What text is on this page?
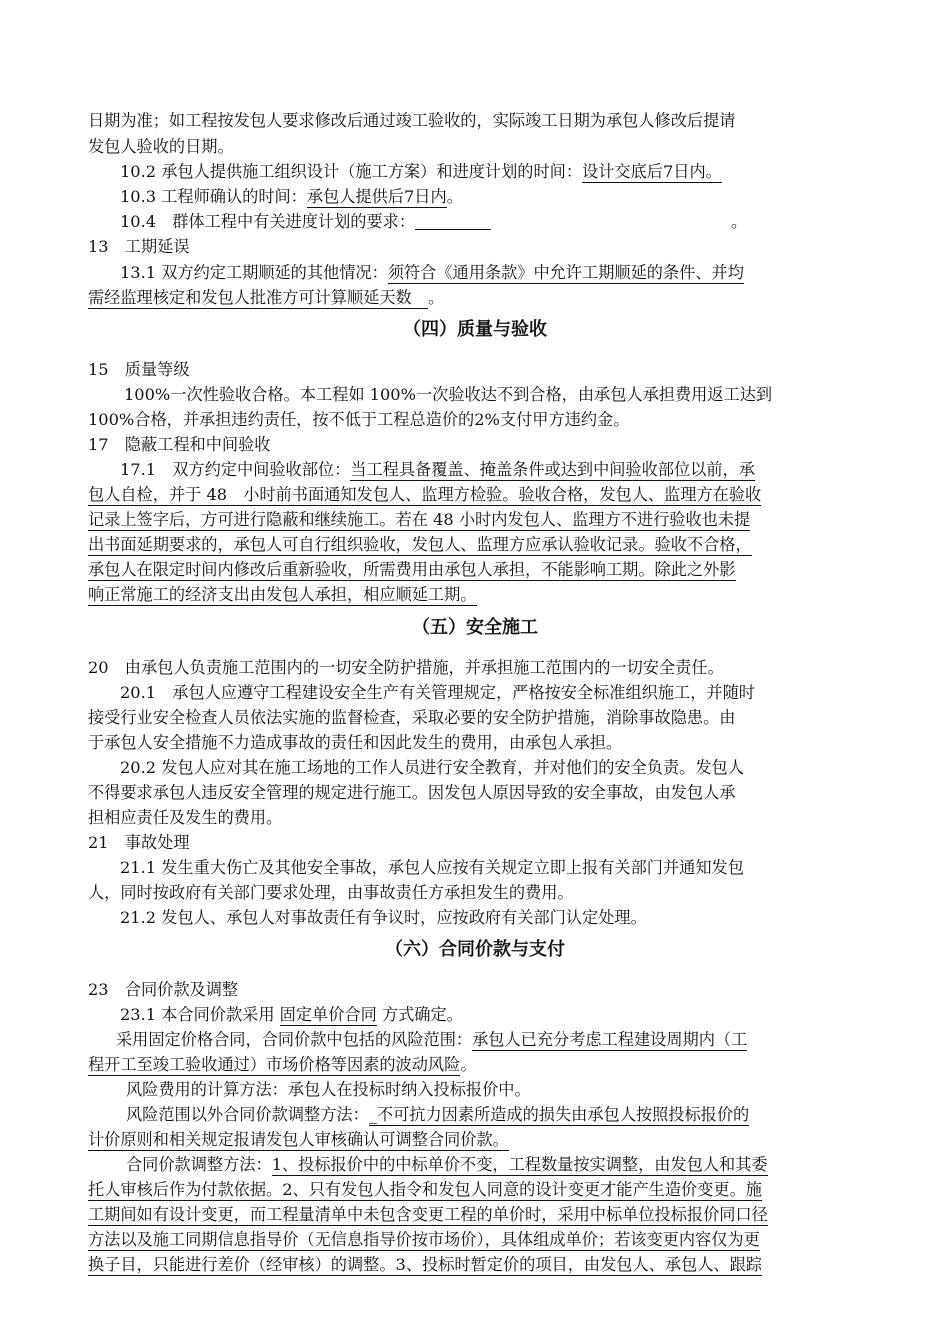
日期为准；如工程按发包人要求修改后通过竣工验收的，实际竣工日期为承包人修改后提请
发包人验收的日期。
10.2 承包人提供施工组织设计（施工方案）和进度计划的时间：设计交底后7日内。
10.3 工程师确认的时间：承包人提供后7日内。
10.4　群体工程中有关进度计划的要求：	。
13　工期延误
13.1 双方约定工期顺延的其他情况：须符合《通用条款》中允许工期顺延的条件、并均
需经监理核定和发包人批准方可计算顺延天数　。
（四）质量与验收
15　质量等级
100%一次性验收合格。本工程如 100%一次验收达不到合格，由承包人承担费用返工达到
100%合格，并承担违约责任，按不低于工程总造价的2%支付甲方违约金。
17　隐蔽工程和中间验收
17.1　双方约定中间验收部位：当工程具备覆盖、掩盖条件或达到中间验收部位以前，承
包人自检，并于 48　小时前书面通知发包人、监理方检验。验收合格，发包人、监理方在验收
记录上签字后，方可进行隐蔽和继续施工。若在 48 小时内发包人、监理方不进行验收也未提
出书面延期要求的，承包人可自行组织验收，发包人、监理方应承认验收记录。验收不合格，
承包人在限定时间内修改后重新验收，所需费用由承包人承担，不能影响工期。除此之外影
响正常施工的经济支出由发包人承担，相应顺延工期。
（五）安全施工
20　由承包人负责施工范围内的一切安全防护措施，并承担施工范围内的一切安全责任。
20.1　承包人应遵守工程建设安全生产有关管理规定，严格按安全标准组织施工，并随时
接受行业安全检查人员依法实施的监督检查，采取必要的安全防护措施，消除事故隐患。由
于承包人安全措施不力造成事故的责任和因此发生的费用，由承包人承担。
20.2 发包人应对其在施工场地的工作人员进行安全教育，并对他们的安全负责。发包人
不得要求承包人违反安全管理的规定进行施工。因发包人原因导致的安全事故，由发包人承
担相应责任及发生的费用。
21　事故处理
21.1 发生重大伤亡及其他安全事故，承包人应按有关规定立即上报有关部门并通知发包
人，同时按政府有关部门要求处理，由事故责任方承担发生的费用。
21.2 发包人、承包人对事故责任有争议时，应按政府有关部门认定处理。
（六）合同价款与支付
23　合同价款及调整
23.1 本合同价款采用 固定单价合同 方式确定。
采用固定价格合同，合同价款中包括的风险范围：承包人已充分考虑工程建设周期内（工
程开工至竣工验收通过）市场价格等因素的波动风险。
风险费用的计算方法：承包人在投标时纳入投标报价中。
风险范围以外合同价款调整方法：_不可抗力因素所造成的损失由承包人按照投标报价的
计价原则和相关规定报请发包人审核确认可调整合同价款。
合同价款调整方法：1、投标报价中的中标单价不变，工程数量按实调整，由发包人和其委
托人审核后作为付款依据。2、只有发包人指令和发包人同意的设计变更才能产生造价变更。施
工期间如有设计变更，而工程量清单中未包含变更工程的单价时，采用中标单位投标报价同口径
方法以及施工同期信息指导价（无信息指导价按市场价），具体组成单价；若该变更内容仅为更
换子目，只能进行差价（经审核）的调整。3、投标时暂定价的项目，由发包人、承包人、跟踪
